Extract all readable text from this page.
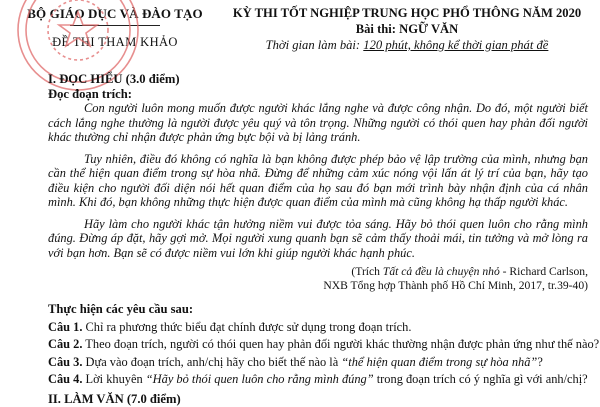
BỘ GIÁO DỤC VÀ ĐÀO TẠO
ĐỀ THI THAM KHẢO
KỲ THI TỐT NGHIỆP TRUNG HỌC PHỔ THÔNG NĂM 2020
Bài thi: NGỮ VĂN
Thời gian làm bài: 120 phút, không kể thời gian phát đề
I. ĐỌC HIỂU (3.0 điểm)
Đọc đoạn trích:

Con người luôn mong muốn được người khác lắng nghe và được công nhận. Do đó, một người biết cách lắng nghe thường là người được yêu quý và tôn trọng. Những người có thói quen hay phản đối người khác thường chỉ nhận được phản ứng bực bội và bị lảng tránh.

Tuy nhiên, điều đó không có nghĩa là bạn không được phép bảo vệ lập trường của mình, nhưng bạn cần thể hiện quan điểm trong sự hòa nhã. Đừng để những cảm xúc nóng vội lấn át lý trí của bạn, hãy tạo điều kiện cho người đối diện nói hết quan điểm của họ sau đó bạn mới trình bày nhận định của cá nhân mình. Khi đó, bạn không những thực hiện được quan điểm của mình mà cũng không hạ thấp người khác.

Hãy làm cho người khác tận hưởng niềm vui được tỏa sáng. Hãy bỏ thói quen luôn cho rằng mình đúng. Đừng áp đặt, hãy gợi mở. Mọi người xung quanh bạn sẽ cảm thấy thoải mái, tin tưởng và mở lòng ra với bạn hơn. Bạn sẽ có được niềm vui lớn khi giúp người khác hạnh phúc.

(Trích Tất cả đều là chuyện nhỏ - Richard Carlson,
NXB Tổng hợp Thành phố Hồ Chí Minh, 2017, tr.39-40)
Thực hiện các yêu cầu sau:
Câu 1. Chỉ ra phương thức biểu đạt chính được sử dụng trong đoạn trích.
Câu 2. Theo đoạn trích, người có thói quen hay phản đối người khác thường nhận được phản ứng như thế nào?
Câu 3. Dựa vào đoạn trích, anh/chị hãy cho biết thế nào là “thể hiện quan điểm trong sự hòa nhã”?
Câu 4. Lời khuyên “Hãy bỏ thói quen luôn cho rằng mình đúng” trong đoạn trích có ý nghĩa gì với anh/chị?
II. LÀM VĂN (7.0 điểm)
